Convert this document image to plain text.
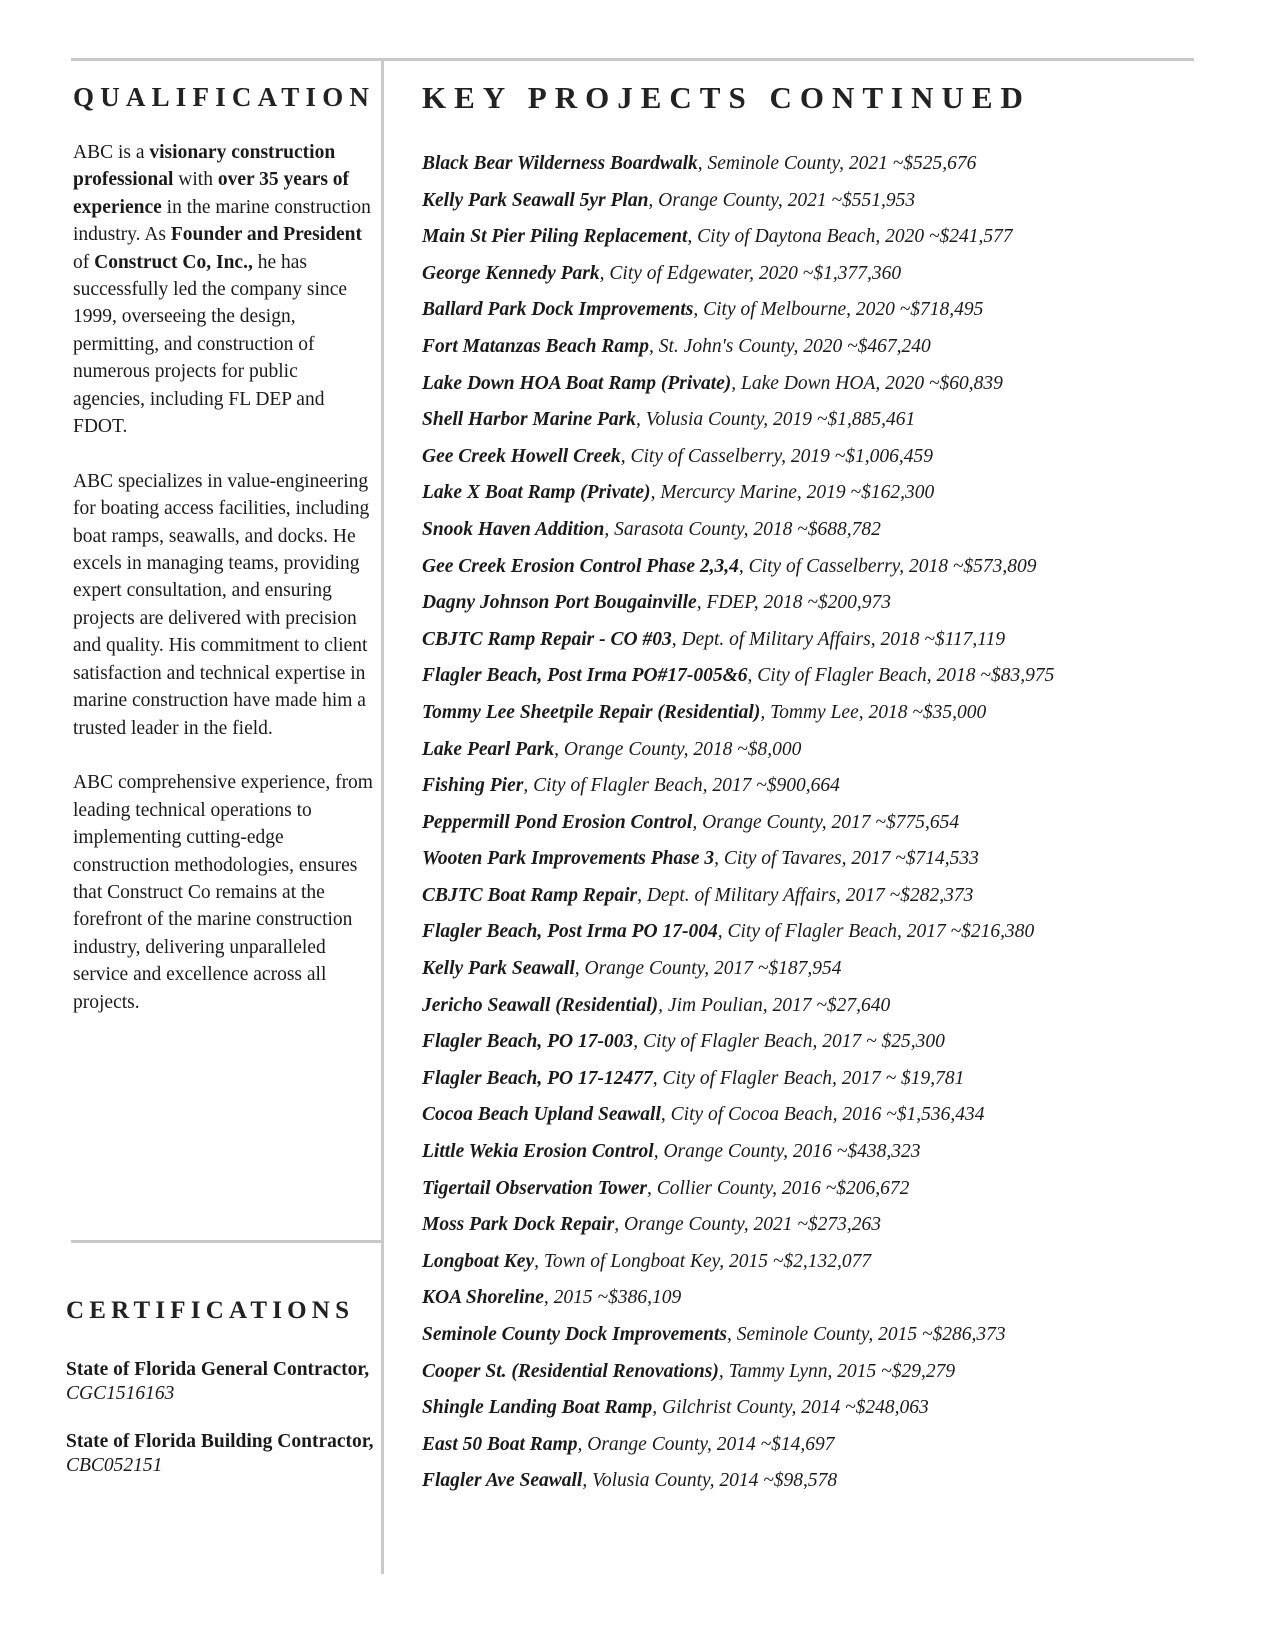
QUALIFICATION

ABC is a visionary construction professional with over 35 years of experience in the marine construction industry. As Founder and President of Construct Co, Inc., he has successfully led the company since 1999, overseeing the design, permitting, and construction of numerous projects for public agencies, including FL DEP and FDOT.

ABC specializes in value-engineering for boating access facilities, including boat ramps, seawalls, and docks. He excels in managing teams, providing expert consultation, and ensuring projects are delivered with precision and quality. His commitment to client satisfaction and technical expertise in marine construction have made him a trusted leader in the field.

ABC comprehensive experience, from leading technical operations to implementing cutting-edge construction methodologies, ensures that Construct Co remains at the forefront of the marine construction industry, delivering unparalleled service and excellence across all projects.

CERTIFICATIONS
State of Florida General Contractor, CGC1516163
State of Florida Building Contractor, CBC052151
KEY PROJECTS CONTINUED
Black Bear Wilderness Boardwalk, Seminole County, 2021 ~$525,676
Kelly Park Seawall 5yr Plan, Orange County, 2021 ~$551,953
Main St Pier Piling Replacement, City of Daytona Beach, 2020 ~$241,577
George Kennedy Park, City of Edgewater, 2020 ~$1,377,360
Ballard Park Dock Improvements, City of Melbourne, 2020 ~$718,495
Fort Matanzas Beach Ramp, St. John's County, 2020 ~$467,240
Lake Down HOA Boat Ramp (Private), Lake Down HOA, 2020 ~$60,839
Shell Harbor Marine Park, Volusia County, 2019 ~$1,885,461
Gee Creek Howell Creek, City of Casselberry, 2019 ~$1,006,459
Lake X Boat Ramp (Private), Mercurcy Marine, 2019 ~$162,300
Snook Haven Addition, Sarasota County, 2018 ~$688,782
Gee Creek Erosion Control Phase 2,3,4, City of Casselberry, 2018 ~$573,809
Dagny Johnson Port Bougainville, FDEP, 2018 ~$200,973
CBJTC Ramp Repair - CO #03, Dept. of Military Affairs, 2018 ~$117,119
Flagler Beach, Post Irma PO#17-005&6, City of Flagler Beach, 2018 ~$83,975
Tommy Lee Sheetpile Repair (Residential), Tommy Lee, 2018 ~$35,000
Lake Pearl Park, Orange County, 2018 ~$8,000
Fishing Pier, City of Flagler Beach, 2017 ~$900,664
Peppermill Pond Erosion Control, Orange County, 2017 ~$775,654
Wooten Park Improvements Phase 3, City of Tavares, 2017 ~$714,533
CBJTC Boat Ramp Repair, Dept. of Military Affairs, 2017 ~$282,373
Flagler Beach, Post Irma PO 17-004, City of Flagler Beach, 2017 ~$216,380
Kelly Park Seawall, Orange County, 2017 ~$187,954
Jericho Seawall (Residential), Jim Poulian, 2017 ~$27,640
Flagler Beach, PO 17-003, City of Flagler Beach, 2017 ~ $25,300
Flagler Beach, PO 17-12477, City of Flagler Beach, 2017 ~ $19,781
Cocoa Beach Upland Seawall, City of Cocoa Beach, 2016 ~$1,536,434
Little Wekia Erosion Control, Orange County, 2016 ~$438,323
Tigertail Observation Tower, Collier County, 2016 ~$206,672
Moss Park Dock Repair, Orange County, 2021 ~$273,263
Longboat Key, Town of Longboat Key, 2015 ~$2,132,077
KOA Shoreline, 2015 ~$386,109
Seminole County Dock Improvements, Seminole County, 2015 ~$286,373
Cooper St. (Residential Renovations), Tammy Lynn, 2015 ~$29,279
Shingle Landing Boat Ramp, Gilchrist County, 2014 ~$248,063
East 50 Boat Ramp, Orange County, 2014 ~$14,697
Flagler Ave Seawall, Volusia County, 2014 ~$98,578
